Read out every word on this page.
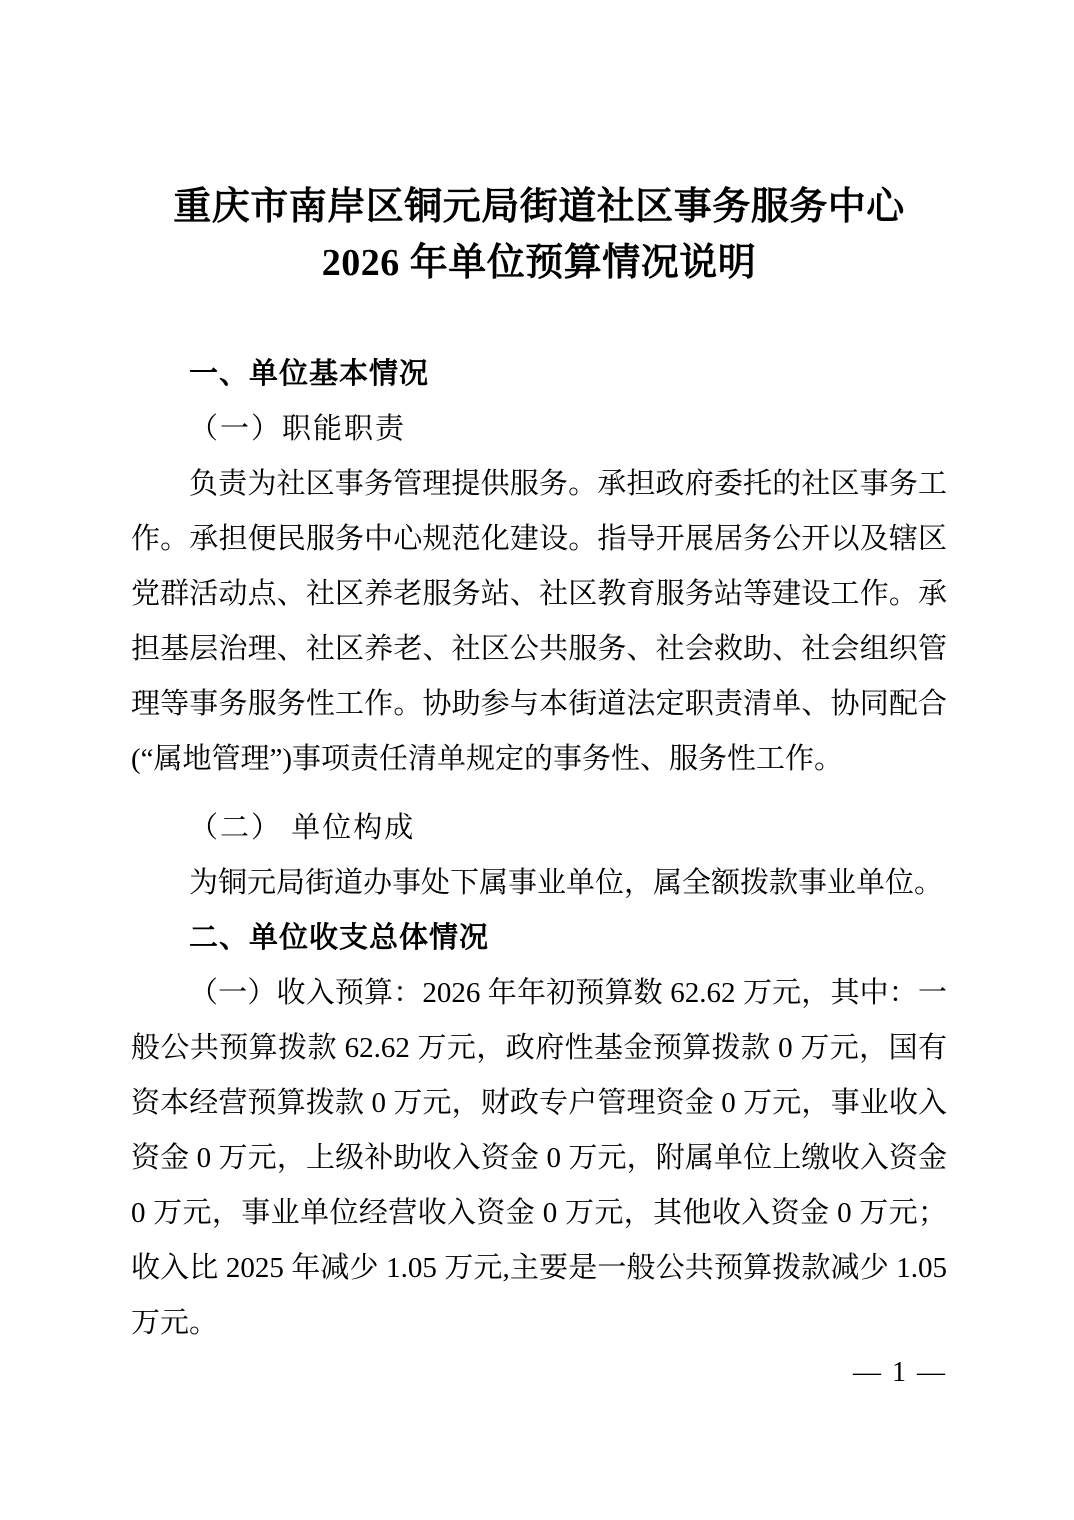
重庆市南岸区铜元局街道社区事务服务中心
2026 年单位预算情况说明
一、单位基本情况
（一）职能职责
负责为社区事务管理提供服务。承担政府委托的社区事务工
作。承担便民服务中心规范化建设。指导开展居务公开以及辖区
党群活动点、社区养老服务站、社区教育服务站等建设工作。承
担基层治理、社区养老、社区公共服务、社会救助、社会组织管
理等事务服务性工作。协助参与本街道法定职责清单、协同配合
(“属地管理”)事项责任清单规定的事务性、服务性工作。
（二） 单位构成
为铜元局街道办事处下属事业单位，属全额拨款事业单位。
二、单位收支总体情况
（一）收入预算：2026 年年初预算数 62.62 万元，其中：一
般公共预算拨款 62.62 万元，政府性基金预算拨款 0 万元，国有
资本经营预算拨款 0 万元，财政专户管理资金 0 万元，事业收入
资金 0 万元，上级补助收入资金 0 万元，附属单位上缴收入资金
0 万元，事业单位经营收入资金 0 万元，其他收入资金 0 万元；
收入比 2025 年减少 1.05 万元,主要是一般公共预算拨款减少 1.05
万元。
— 1 —
